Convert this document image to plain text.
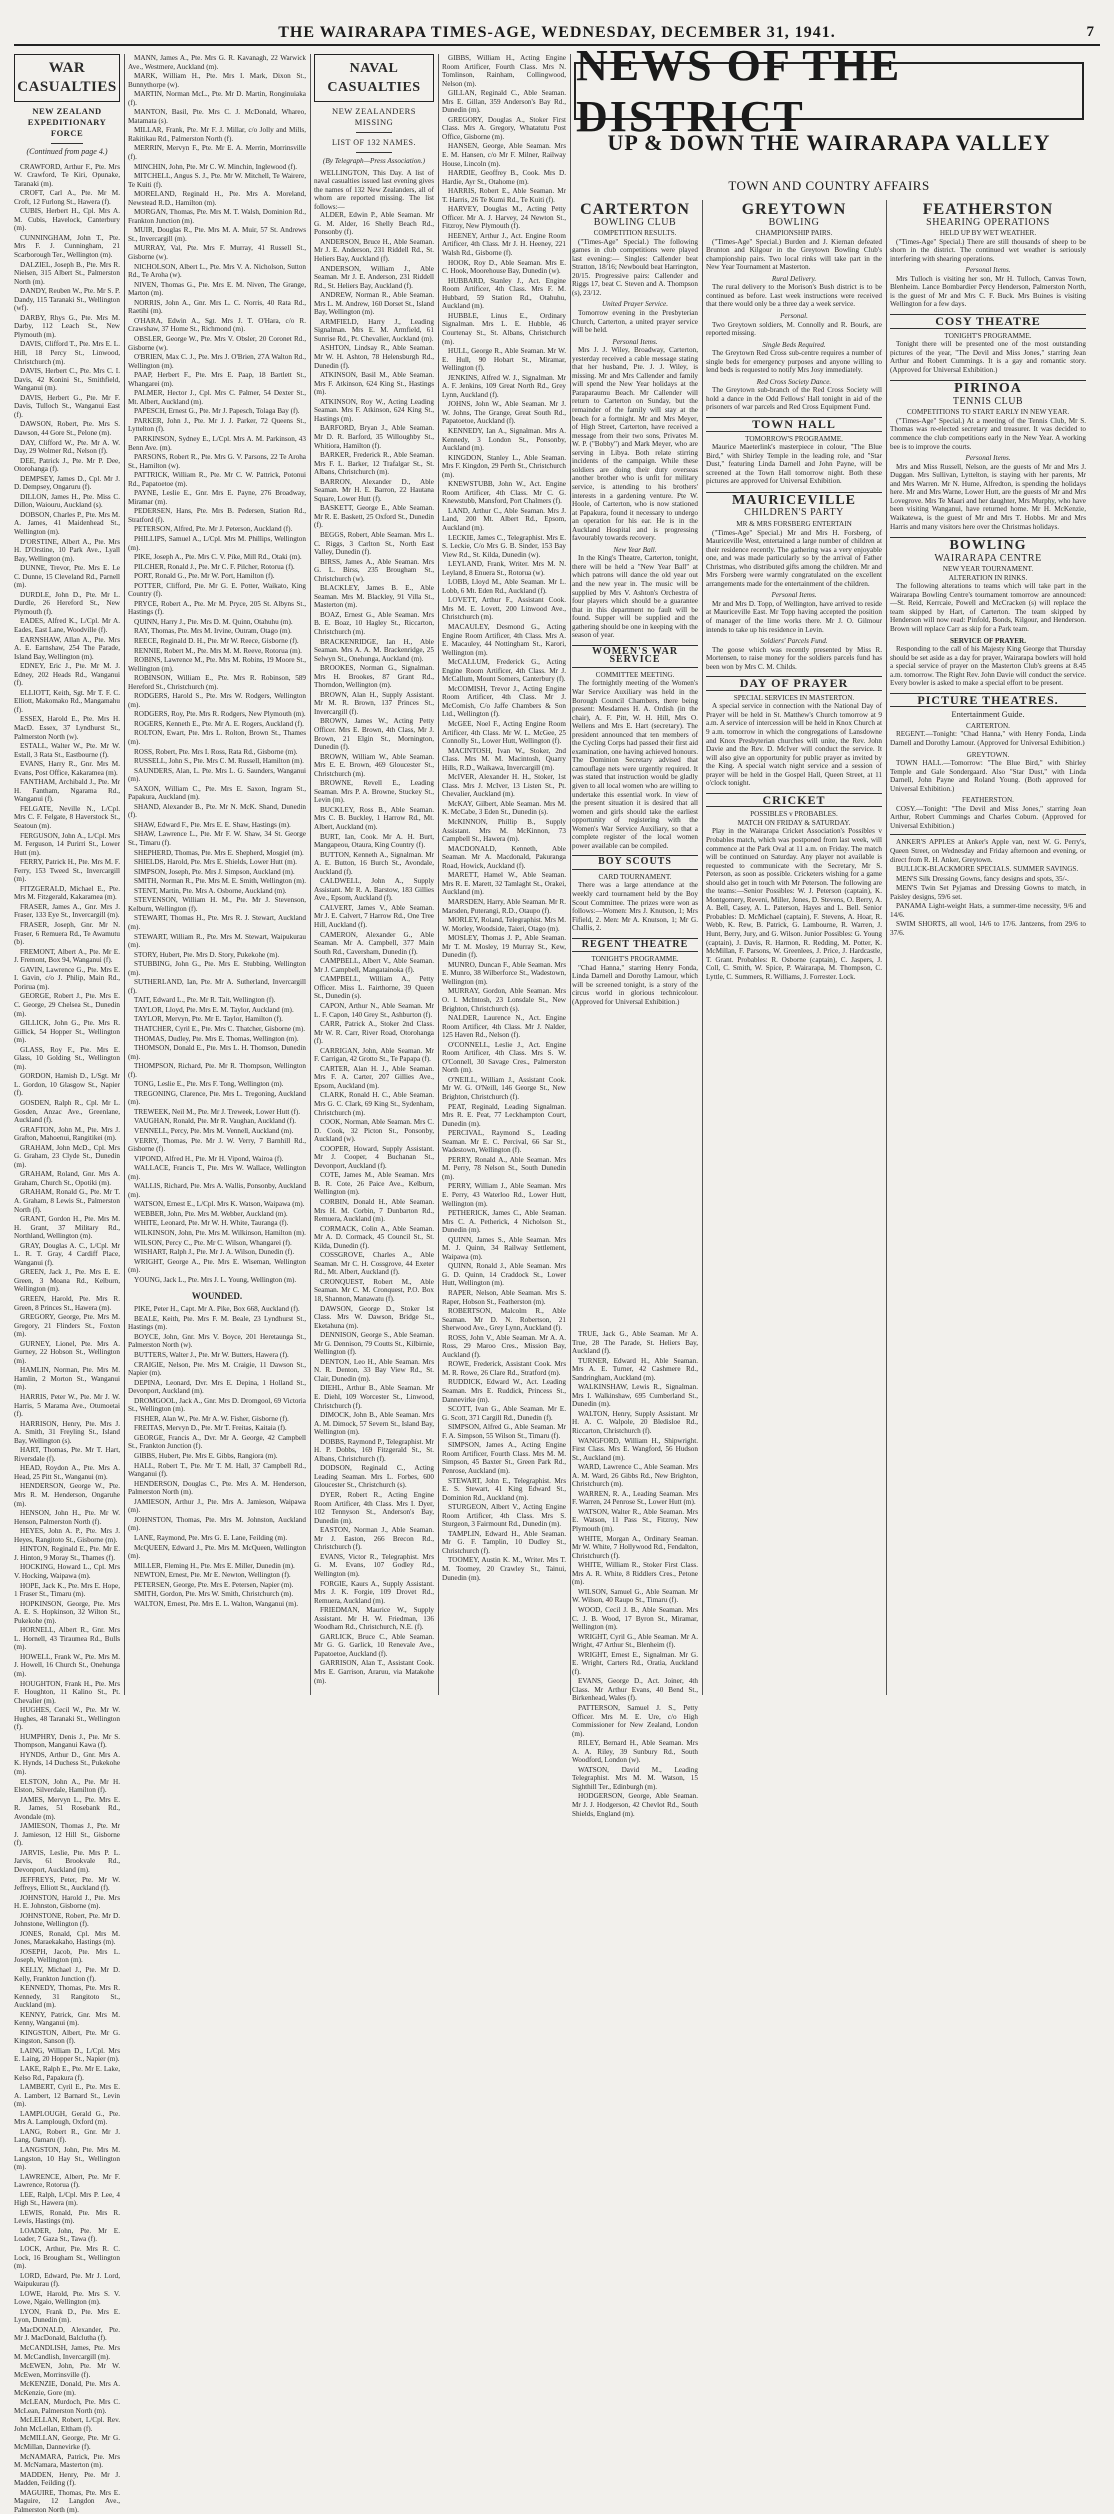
THE WAIRARAPA TIMES-AGE, WEDNESDAY, DECEMBER 31, 1941.	7
WAR CASUALTIES
NEW ZEALAND EXPEDITIONARY FORCE
(Continued from page 4.)
CRAWFORD, Arthur F., Pte. Mrs W. Crawford, Te Kiri, Opunake, Taranaki (m).
CROFT, Carl A., Pte. Mr M. Croft, 12 Furlong St., Hawera (f).
CUBIS, Herbert H., Cpl. Mrs A. M. Cubis, Havelock, Canterbury (m).
CUNNINGHAM, John T., Pte. Mrs F. J. Cunningham, 21 Scarborough Ter., Wellington (m).
DALZIEL, Joseph B., Pte. Mrs R. Nielsen, 315 Albert St., Palmerston North (m).
DANDY, Reuben W., Pte. Mr S. P. Dandy, 115 Taranaki St., Wellington (wf).
DARBY, Rhys G., Pte. Mrs M. Darby, 112 Leach St., New Plymouth (m).
DAVIS, Clifford T., Pte. Mrs E. L. Hill, 18 Percy St., Linwood, Christchurch (m).
DAVIS, Herbert C., Pte. Mrs C. I. Davis, 42 Konini St., Smithfield, Wanganui (m).
DAVIS, Herbert G., Pte. Mr F. Davis, Tulloch St., Wanganui East (f).
DAWSON, Robert, Pte. Mrs S. Dawson, 44 Gore St., Pelone (m).
DAY, Clifford W., Pte. Mr A. W. Day, 29 Wolmer Rd., Nelson (f).
DEE, Patrick J., Pte. Mr P. Dee, Otorohanga (f).
DEMPSEY, James D., Cpl. Mr J. D. Dempsey, Ongaruru (f).
DILLON, James H., Pte. Miss C. Dillon, Waiouru, Auckland (s).
DOBSON, Charles P., Pte. Mrs M. A. James, 41 Maidenhead St., Wellington (m).
D'ORSTINE, Albert A., Pte. Mrs H. D'Orstine, 10 Park Ave., Lyall Bay, Wellington (m).
DUNNE, Trevor, Pte. Mrs E. Le C. Dunne, 15 Cleveland Rd., Parnell (m).
DURDLE, John D., Pte. Mr L. Durdle, 26 Hereford St., New Plymouth (f).
EADES, Alfred K., L/Cpl. Mr A. Eades, East Lane, Woodville (f).
EARNSHAW, Allan A., Pte. Mrs A. E. Earnshaw, 254 The Parade, Island Bay, Wellington (m).
EDNEY, Eric J., Pte. Mr M. J. Edney, 202 Heads Rd., Wanganui (f).
ELLIOTT, Keith, Sgt. Mr T. F. C. Elliott, Makomako Rd., Mangamahu (f).
ESSEX, Harold E., Pte. Mrs H. MacD. Essex, 37 Lyndhurst St., Palmerston North (w).
ESTALL, Walter W., Pte. Mr W. Estall, 3 Rata St., Eastbourne (f).
EVANS, Harry R., Gnr. Mrs M. Evans, Post Office, Kakaramea (m).
FANTHAM, Archibald J., Pte. Mr H. Fantham, Ngarama Rd., Wanganui (f).
FELGATE, Neville N., L/Cpl. Mrs C. F. Felgate, 8 Haverstock St., Seatoun (m).
FERGUSON, John A., L/Cpl. Mrs M. Ferguson, 14 Purirri St., Lower Hutt (m).
FERRY, Patrick H., Pte. Mrs M. F. Ferry, 153 Tweed St., Invercargill (m).
FITZGERALD, Michael E., Pte. Mrs M. Fitzgerald, Kakaramea (m).
FRASER, James A., Gnr. Mrs J. Fraser, 133 Eye St., Invercargill (m).
FRASER, Joseph, Gnr. Mr N. Fraser, 6 Remuera Rd., Te Awamutu (b).
FREMONT, Albert A., Pte. Mr E. J. Fremont, Box 94, Wanganui (f).
GAVIN, Lawrence G., Pte. Mrs E. I. Gavin, c/o J. Philip, Main Rd., Porirua (m).
GEORGE, Robert J., Pte. Mrs E. C. George, 29 Chelsea St., Dunedin (m).
GILLICK, John G., Pte. Mrs R. Gillick, 54 Hopper St., Wellington (m).
GLASS, Roy F., Pte. Mrs E. Glass, 10 Golding St., Wellington (m).
GORDON, Hamish D., L/Sgt. Mr L. Gordon, 10 Glasgow St., Napier (f).
GOSDEN, Ralph R., Cpl. Mr L. Gosden, Anzac Ave., Greenlane, Auckland (f).
GRAFTON, John M., Pte. Mrs J. Grafton, Mahoenui, Rangitikei (m).
GRAHAM, John McD., Cpl. Mrs G. Graham, 23 Clyde St., Dunedin (m).
GRAHAM, Roland, Gnr. Mrs A. Graham, Church St., Opotiki (m).
GRAHAM, Ronald G., Pte. Mr T. A. Graham, 8 Lewis St., Palmerston North (f).
GRANT, Gordon H., Pte. Mrs M. H. Grant, 37 Military Rd., Northland, Wellington (m).
GRAY, Douglas A. C., L/Cpl. Mr L. R. T. Gray, 4 Cardiff Place, Wanganui (f).
GREEN, Jack J., Pte. Mrs E. E. Green, 3 Moana Rd., Kelburn, Wellington (m).
GREEN, Harold, Pte. Mrs R. Green, 8 Princes St., Hawera (m).
GREGORY, George, Pte. Mrs M. Gregory, 21 Flinders St., Foxton (m).
GURNEY, Lionel, Pte. Mrs A. Gurney, 22 Hobson St., Wellington (m).
HAMLIN, Norman, Pte. Mrs M. Hamlin, 2 Morton St., Wanganui (m).
HARRIS, Peter W., Pte. Mr J. W. Harris, 5 Marama Ave., Otumoetai (f).
HARRISON, Henry, Pte. Mrs J. A. Smith, 31 Freyling St., Island Bay, Wellington (s).
HART, Thomas, Pte. Mr T. Hart, Riversdale (f).
HEAD, Roydon A., Pte. Mrs A. Head, 25 Pitt St., Wanganui (m).
HENDERSON, George W., Pte. Mrs R. M. Henderson, Ongaruhe (m).
HENSON, John H., Pte. Mr W. Henson, Palmerston North (f).
HEYES, John A. P., Pte. Mrs J. Heyes, Rangitoto St., Gisborne (m).
HINTON, Reginald E., Pte. Mr E. J. Hinton, 9 Moray St., Thames (f).
HOCKING, Howard L., Cpl. Mrs V. Hocking, Waipawa (m).
HOPE, Jack K., Pte. Mrs E. Hope, 1 Fraser St., Timaru (m).
HOPKINSON, George, Pte. Mrs A. E. S. Hopkinson, 32 Wilton St., Pukekohe (m).
HORNELL, Albert R., Gnr. Mrs L. Hornell, 43 Tiraumea Rd., Bulls (m).
HOWELL, Frank W., Pte. Mrs M. J. Howell, 16 Church St., Onehunga (m).
HOUGHTON, Frank H., Pte. Mrs F. Houghton, 11 Kalino St., Pt. Chevalier (m).
HUGHES, Cecil W., Pte. Mr W. Hughes, 48 Taranaki St., Wellington (f).
HUMPHRY, Denis J., Pte. Mr S. Thompson, Manganui Kawa (f).
HYNDS, Arthur D., Gnr. Mrs A. K. Hynds, 14 Duchess St., Pukekohe (m).
ELSTON, John A., Pte. Mr H. Elston, Silverdale, Hamilton (f).
JAMES, Mervyn L., Pte. Mrs E. R. James, 51 Rosebank Rd., Avondale (m).
JAMIESON, Thomas J., Pte. Mr J. Jamieson, 12 Hill St., Gisborne (f).
JARVIS, Leslie, Pte. Mrs P. L. Jarvis, 61 Brookvale Rd., Devonport, Auckland (m).
JEFFREYS, Peter, Pte. Mr W. Jeffreys, Elliott St., Auckland (f).
JOHNSTON, Harold J., Pte. Mrs H. E. Johnston, Gisborne (m).
JOHNSTONE, Robert, Pte. Mr D. Johnstone, Wellington (f).
JONES, Ronald, Cpl. Mrs M. Jones, Maraekakaho, Hastings (m).
JOSEPH, Jacob, Pte. Mrs L. Joseph, Wellington (m).
KELLY, Michael J., Pte. Mr D. Kelly, Frankton Junction (f).
KENNEDY, Thomas, Pte. Mrs R. Kennedy, 31 Rangitoto St., Auckland (m).
KENNY, Patrick, Gnr. Mrs M. Kenny, Wanganui (m).
KINGSTON, Albert, Pte. Mr G. Kingston, Sanson (f).
LAING, William D., L/Cpl. Mrs E. Laing, 20 Hopper St., Napier (m).
LAKE, Ralph E., Pte. Mr E. Lake, Kelso Rd., Papakura (f).
LAMBERT, Cyril E., Pte. Mrs E. A. Lambert, 12 Barnard St., Levin (m).
LAMPLOUGH, Gerald G., Pte. Mrs A. Lamplough, Oxford (m).
LANG, Robert R., Gnr. Mr J. Lang, Oamaru (f).
LANGSTON, John, Pte. Mrs M. Langston, 10 Hay St., Wellington (m).
LAWRENCE, Albert, Pte. Mr F. Lawrence, Rotorua (f).
LEE, Ralph, L/Cpl. Mrs P. Lee, 4 High St., Hawera (m).
LEWIS, Ronald, Pte. Mrs R. Lewis, Hastings (m).
LOADER, John, Pte. Mr E. Loader, 7 Gaza St., Tawa (f).
LOCK, Arthur, Pte. Mrs R. C. Lock, 16 Brougham St., Wellington (m).
LORD, Edward, Pte. Mr J. Lord, Waipukurau (f).
LOWE, Harold, Pte. Mrs S. V. Lowe, Ngaio, Wellington (m).
LYON, Frank D., Pte. Mrs E. Lyon, Dunedin (m).
MacDONALD, Alexander, Pte. Mr J. MacDonald, Balclutha (f).
McCANDLISH, James, Pte. Mrs M. McCandlish, Invercargill (m).
McEWEN, John, Pte. Mr W. McEwen, Morrinsville (f).
McKENZIE, Donald, Pte. Mrs A. McKenzie, Gore (m).
McLEAN, Murdoch, Pte. Mrs C. McLean, Palmerston North (m).
McLELLAN, Robert, L/Cpl. Rev. John McLellan, Eltham (f).
McMILLAN, George, Pte. Mr G. McMillan, Dannevirke (f).
McNAMARA, Patrick, Pte. Mrs M. McNamara, Masterton (m).
MADDEN, Henry, Pte. Mr J. Madden, Feilding (f).
MAGUIRE, Thomas, Pte. Mrs E. Maguire, 12 Langdon Ave., Palmerston North (m).
MANN, James A., Pte. Mrs G. R. Kavanagh, 22 Warwick Ave., Westmere, Auckland (m).
MARK, William H., Pte. Mrs I. Mark, Dixon St., Bunnythorpe (w).
MARTIN, Norman McL., Pte. Mr D. Martin, Ronginuiaka (f).
MANTON, Basil, Pte. Mrs C. J. McDonald, Whareo, Matamata (s).
MILLAR, Frank, Pte. Mr F. J. Millar, c/o Jolly and Mills, Rakitikau Rd., Palmerston North (f).
MERRIN, Mervyn F., Pte. Mr E. A. Merrin, Morrinsville (f).
MINCHIN, John, Pte. Mr C. W. Minchin, Inglewood (f).
MITCHELL, Angus S. J., Pte. Mr W. Mitchell, Te Wairere, Te Kuiti (f).
MORELAND, Reginald H., Pte. Mrs A. Moreland, Newstead R.D., Hamilton (m).
MORGAN, Thomas, Pte. Mrs M. T. Walsh, Dominion Rd., Frankton Junction (m).
MUIR, Douglas R., Pte. Mrs M. A. Muir, 57 St. Andrews St., Invercargill (m).
MURRAY, Val, Pte. Mrs F. Murray, 41 Russell St., Gisborne (w).
NICHOLSON, Albert L., Pte. Mrs V. A. Nicholson, Sutton Rd., Te Aroha (w).
NIVEN, Thomas G., Pte. Mrs E. M. Niven, The Grange, Marton (m).
NORRIS, John A., Gnr. Mrs L. C. Norris, 40 Rata Rd., Raetihi (m).
O'HARA, Edwin A., Sgt. Mrs J. T. O'Hara, c/o R. Crawshaw, 37 Home St., Richmond (m).
OBSLER, George W., Pte. Mrs V. Obsler, 20 Coronet Rd., Gisborne (w).
O'BRIEN, Max C. J., Pte. Mrs J. O'Brien, 27A Walton Rd., Wellington (m).
PAAP, Herbert F., Pte. Mrs E. Paap, 18 Bartlett St., Whangarei (m).
PALMER, Hector J., Cpl. Mrs C. Palmer, 54 Dexter St., Mt. Albert, Auckland (m).
PAPESCH, Ernest G., Pte. Mr J. Papesch, Tolaga Bay (f).
PARKER, John J., Pte. Mr J. J. Parker, 72 Queens St., Lyttelton (f).
PARKINSON, Sydney E., L/Cpl. Mrs A. M. Parkinson, 43 Benn Ave. (m).
PARSONS, Robert R., Pte. Mrs G. V. Parsons, 22 Te Aroha St., Hamilton (w).
PATTRICK, William R., Pte. Mr C. W. Pattrick, Potonui Rd., Papatoetoe (m).
PAYNE, Leslie E., Gnr. Mrs E. Payne, 276 Broadway, Miramar (m).
PEDERSEN, Hans, Pte. Mrs B. Pedersen, Station Rd., Stratford (f).
PETERSON, Alfred, Pte. Mr J. Peterson, Auckland (f).
PHILLIPS, Samuel A., L/Cpl. Mrs M. Phillips, Wellington (m).
PIKE, Joseph A., Pte. Mrs C. V. Pike, Mill Rd., Otaki (m).
PILCHER, Ronald J., Pte. Mr C. F. Pilcher, Rotorua (f).
PORT, Ronald G., Pte. Mr W. Port, Hamilton (f).
POTTER, Clifford, Pte. Mr G. E. Potter, Waikato, King Country (f).
PRYCE, Robert A., Pte. Mr M. Pryce, 205 St. Albyns St., Hastings (f).
QUINN, Harry J., Pte. Mrs D. M. Quinn, Otahuhu (m).
RAY, Thomas, Pte. Mrs M. Irvine, Outram, Otago (m).
REECE, Reginald D. H., Pte. Mr W. Reece, Gisborne (f).
RENNIE, Robert M., Pte. Mrs M. M. Reeve, Rotorua (m).
ROBINS, Lawrence M., Pte. Mrs M. Robins, 19 Moore St., Wellington (m).
ROBINSON, William E., Pte. Mrs R. Robinson, 589 Hereford St., Christchurch (m).
RODGERS, Harold S., Pte. Mrs W. Rodgers, Wellington (m).
RODGERS, Roy, Pte. Mrs R. Rodgers, New Plymouth (m).
ROGERS, Kenneth E., Pte. Mr A. E. Rogers, Auckland (f).
ROLTON, Ewart, Pte. Mrs L. Rolton, Brown St., Thames (m).
ROSS, Robert, Pte. Mrs I. Ross, Rata Rd., Gisborne (m).
RUSSELL, John S., Pte. Mrs C. M. Russell, Hamilton (m).
SAUNDERS, Alan, L. Pte. Mrs L. G. Saunders, Wanganui (m).
SAXON, William C., Pte. Mrs E. Saxon, Ingram St., Papakura, Auckland (m).
SHAND, Alexander B., Pte. Mr N. McK. Shand, Dunedin (f).
SHAW, Edward F., Pte. Mrs E. E. Shaw, Hastings (m).
SHAW, Lawrence L., Pte. Mr F. W. Shaw, 34 St. George St., Timaru (f).
SHEPHERD, Thomas, Pte. Mrs E. Shepherd, Mosgiel (m).
SHIELDS, Harold, Pte. Mrs E. Shields, Lower Hutt (m).
SIMPSON, Joseph, Pte. Mrs J. Simpson, Auckland (m).
SMITH, Norman R., Pte. Mrs M. E. Smith, Wellington (m).
STENT, Martin, Pte. Mrs A. Osborne, Auckland (m).
STEVENSON, William H. M., Pte. Mr J. Stevenson, Kelburn, Wellington (f).
STEWART, Thomas H., Pte. Mrs R. J. Stewart, Auckland (m).
STEWART, William R., Pte. Mrs M. Stewart, Waipukurau (m).
STORY, Hubert, Pte. Mrs D. Story, Pukekohe (m).
STUBBING, John G., Pte. Mrs E. Stubbing, Wellington (m).
SUTHERLAND, Ian, Pte. Mr A. Sutherland, Invercargill (f).
TAIT, Edward L., Pte. Mr R. Tait, Wellington (f).
TAYLOR, Lloyd, Pte. Mrs E. M. Taylor, Auckland (m).
TAYLOR, Mervyn, Pte. Mr E. Taylor, Hamilton (f).
THATCHER, Cyril E., Pte. Mrs C. Thatcher, Gisborne (m).
THOMAS, Dudley, Pte. Mrs E. Thomas, Wellington (m).
THOMSON, Donald E., Pte. Mrs L. H. Thomson, Dunedin (m).
THOMPSON, Richard, Pte. Mr R. Thompson, Wellington (f).
TONG, Leslie E., Pte. Mrs F. Tong, Wellington (m).
TREGONING, Clarence, Pte. Mrs L. Tregoning, Auckland (m).
TREWEEK, Neil M., Pte. Mr J. Treweek, Lower Hutt (f).
VAUGHAN, Ronald, Pte. Mr R. Vaughan, Auckland (f).
VENNELL, Percy, Pte. Mrs M. Vennell, Auckland (m).
VERRY, Thomas, Pte. Mr J. W. Verry, 7 Barnhill Rd., Gisborne (f).
VIPOND, Alfred H., Pte. Mr H. Vipond, Wairoa (f).
WALLACE, Francis T., Pte. Mrs W. Wallace, Wellington (m).
WALLIS, Richard, Pte. Mrs A. Wallis, Ponsonby, Auckland (m).
WATSON, Ernest E., L/Cpl. Mrs K. Watson, Waipawa (m).
WEBBER, John, Pte. Mrs M. Webber, Auckland (m).
WHITE, Leonard, Pte. Mr W. H. White, Tauranga (f).
WILKINSON, John, Pte. Mrs M. Wilkinson, Hamilton (m).
WILSON, Percy C., Pte. Mr C. Wilson, Whangarei (f).
WISHART, Ralph J., Pte. Mr J. A. Wilson, Dunedin (f).
WRIGHT, George A., Pte. Mrs E. Wiseman, Wellington (m).
YOUNG, Jack L., Pte. Mrs J. L. Young, Wellington (m).
WOUNDED.
PIKE, Peter H., Capt. Mr A. Pike, Box 668, Auckland (f).
BEALE, Keith, Pte. Mrs F. M. Beale, 23 Lyndhurst St., Hastings (m).
BOYCE, John, Gnr. Mrs V. Boyce, 201 Heretaunga St., Palmerston North (w).
BUTTERS, Walter J., Pte. Mr W. Butters, Hawera (f).
CRAIGIE, Nelson, Pte. Mrs M. Craigie, 11 Dawson St., Napier (m).
DEPINA, Leonard, Dvr. Mrs E. Depina, 1 Holland St., Devonport, Auckland (m).
DROMGOOL, Jack A., Gnr. Mrs D. Dromgool, 69 Victoria St., Wellington (m).
FISHER, Alan W., Pte. Mr A. W. Fisher, Gisborne (f).
FREITAS, Mervyn D., Pte. Mr T. Freitas, Kaitaia (f).
GEORGE, Francis A., Dvr. Mr A. George, 42 Campbell St., Frankton Junction (f).
GIBBS, Hubert, Pte. Mrs E. Gibbs, Rangiora (m).
HALL, Robert T., Pte. Mr T. M. Hall, 37 Campbell Rd., Wanganui (f).
HENDERSON, Douglas C., Pte. Mrs A. M. Henderson, Palmerston North (m).
JAMIESON, Arthur J., Pte. Mrs A. Jamieson, Waipawa (m).
JOHNSTON, Thomas, Pte. Mrs M. Johnston, Auckland (m).
LANE, Raymond, Pte. Mrs G. E. Lane, Feilding (m).
McQUEEN, Edward J., Pte. Mrs M. McQueen, Wellington (m).
MILLER, Fleming H., Pte. Mrs E. Miller, Dunedin (m).
NEWTON, Ernest, Pte. Mr E. Newton, Wellington (f).
PETERSEN, George, Pte. Mrs E. Petersen, Napier (m).
SMITH, Gordon, Pte. Mrs W. Smith, Christchurch (m).
WALTON, Ernest, Pte. Mrs E. L. Walton, Wanganui (m).
NAVAL CASUALTIES
NEW ZEALANDERS MISSING
LIST OF 132 NAMES.
(By Telegraph—Press Association.)
WELLINGTON, This Day. A list of naval casualties issued last evening gives the names of 132 New Zealanders, all of whom are reported missing. The list follows:—
ALDER, Edwin P., Able Seaman. Mr G. M. Alder, 16 Shelly Beach Rd., Ponsonby (f).
ANDERSON, Bruce H., Able Seaman. Mr J. E. Anderson, 231 Riddell Rd., St. Heliers Bay, Auckland (f).
ANDERSON, William J., Able Seaman. Mr J. E. Anderson, 231 Riddell Rd., St. Heliers Bay, Auckland (f).
ANDREW, Norman R., Able Seaman. Mrs L. M. Andrew, 160 Dorset St., Island Bay, Wellington (m).
ARMFIELD, Harry J., Leading Signalman. Mrs E. M. Armfield, 61 Sunrise Rd., Pt. Chevalier, Auckland (m).
ASHTON, Lindsay R., Able Seaman. Mr W. H. Ashton, 78 Helensburgh Rd., Dunedin (f).
ATKINSON, Basil M., Able Seaman. Mrs F. Atkinson, 624 King St., Hastings (m).
ATKINSON, Roy W., Acting Leading Seaman. Mrs F. Atkinson, 624 King St., Hastings (m).
BARFORD, Bryan J., Able Seaman. Mr D. R. Barford, 35 Willoughby St., Whitiora, Hamilton (f).
BARKER, Frederick R., Able Seaman. Mrs F. L. Barker, 12 Trafalgar St., St. Albans, Christchurch (m).
BARRON, Alexander D., Able Seaman. Mr H. E. Barron, 22 Hautana Square, Lower Hutt (f).
BASKETT, George E., Able Seaman. Mr R. E. Baskett, 25 Oxford St., Dunedin (f).
BEGGS, Robert, Able Seaman. Mrs L. C. Riggs, 3 Carlton St., North East Valley, Dunedin (f).
BIRSS, James A., Able Seaman. Mrs G. L. Birss, 235 Brougham St., Christchurch (w).
BLACKLEY, James B. E., Able Seaman. Mrs M. Blackley, 91 Villa St., Masterton (m).
BOAZ, Ernest G., Able Seaman. Mrs B. E. Boaz, 10 Hagley St., Riccarton, Christchurch (m).
BRACKENRIDGE, Ian H., Able Seaman. Mrs A. A. M. Brackenridge, 25 Selwyn St., Onehunga, Auckland (m).
BROOKES, Norman G., Signalman. Mrs H. Brookes, 87 Grant Rd., Thorndon, Wellington (m).
BROWN, Alan H., Supply Assistant. Mr M. R. Brown, 137 Princes St., Invercargill (f).
BROWN, James W., Acting Petty Officer. Mrs E. Brown, 4th Class, Mr J. Brown, 21 Elgin St., Mornington, Dunedin (f).
BROWN, William W., Able Seaman. Mrs E. E. Brown, 469 Gloucester St., Christchurch (m).
BROWNE, Revell E., Leading Seaman. Mrs P. A. Browne, Stuckey St., Levin (m).
BUCKLEY, Ross B., Able Seaman. Mrs C. B. Buckley, 1 Harrow Rd., Mt. Albert, Auckland (m).
BURT, Ian, Cook. Mr A. H. Burt, Mangapeou, Otaura, King Country (f).
BUTTON, Kenneth A., Signalman. Mr A. E. Button, 16 Burch St., Avondale, Auckland (f).
CALDWELL, John A., Supply Assistant. Mr R. A. Barstow, 183 Gillies Ave., Epsom, Auckland (f).
CALVERT, James V., Able Seaman. Mr J. E. Calvert, 7 Harrow Rd., One Tree Hill, Auckland (f).
CAMERON, Alexander G., Able Seaman. Mr A. Campbell, 377 Main South Rd., Caversham, Dunedin (f).
CAMPBELL, Albert V., Able Seaman. Mr J. Campbell, Mangatainoka (f).
CAMPBELL, William A., Petty Officer. Miss L. Fairthorne, 39 Queen St., Dunedin (s).
CAPON, Arthur N., Able Seaman. Mr L. F. Capon, 140 Grey St., Ashburton (f).
CARR, Patrick A., Stoker 2nd Class. Mr W. R. Carr, River Road, Otorohanga (f).
CARRIGAN, John, Able Seaman. Mr F. Carrigan, 42 Grotto St., Te Papapa (f).
CARTER, Alan H. J., Able Seaman. Mrs F. A. Carter, 207 Gillies Ave., Epsom, Auckland (m).
CLARK, Ronald H. C., Able Seaman. Mrs G. C. Clark, 69 King St., Sydenham, Christchurch (m).
COOK, Norman, Able Seaman. Mrs C. D. Cook, 32 Picton St., Ponsonby, Auckland (w).
COOPER, Howard, Supply Assistant. Mr J. Cooper, 4 Buchanan St., Devonport, Auckland (f).
COTE, James M., Able Seaman. Mrs B. R. Cote, 26 Paice Ave., Kelburn, Wellington (m).
CORBIN, Donald H., Able Seaman. Mrs H. M. Corbin, 7 Dunbarton Rd., Remuera, Auckland (m).
CORMACK, Colin A., Able Seaman. Mr A. D. Cormack, 45 Council St., St. Kilda, Dunedin (f).
COSSGROVE, Charles A., Able Seaman. Mr C. H. Cossgrove, 44 Exeter Rd., Mt. Albert, Auckland (f).
CRONQUEST, Robert M., Able Seaman. Mr C. M. Cronquest, P.O. Box 18, Shannon, Manawatu (f).
DAWSON, George D., Stoker 1st Class. Mrs W. Dawson, Bridge St., Eketahuna (m).
DENNISON, George S., Able Seaman. Mr G. Dennison, 79 Coutts St., Kilbirnie, Wellington (f).
DENTON, Leo H., Able Seaman. Mrs N. R. Denton, 33 Bay View Rd., St. Clair, Dunedin (m).
DIEHL, Arthur B., Able Seaman. Mr E. Diehl, 109 Worcester St., Linwood, Christchurch (f).
DIMOCK, John B., Able Seaman. Mrs A. M. Dimock, 57 Severn St., Island Bay, Wellington (m).
DOBBS, Raymond P., Telegraphist. Mr H. P. Dobbs, 169 Fitzgerald St., St. Albans, Christchurch (f).
DODSON, Reginald C., Acting Leading Seaman. Mrs L. Forbes, 600 Gloucester St., Christchurch (s).
DYER, Robert R., Acting Engine Room Artificer, 4th Class. Mrs I. Dyer, 102 Tennyson St., Anderson's Bay, Dunedin (m).
EASTON, Norman J., Able Seaman. Mr J. Easton, 266 Brecon Rd., Christchurch (f).
EVANS, Victor R., Telegraphist. Mrs G. M. Evans, 107 Godley Rd., Wellington (m).
FORGIE, Kaurs A., Supply Assistant. Mrs J. K. Forgie, 109 Drovet Rd., Remuera, Auckland (m).
FRIEDMAN, Maurice W., Supply Assistant. Mr H. W. Friedman, 136 Woodham Rd., Christchurch, N.E. (f).
GARLICK, Bruce C., Able Seaman. Mr G. G. Garlick, 10 Renevale Ave., Papatoetoe, Auckland (f).
GARRISON, Alan T., Assistant Cook. Mrs E. Garrison, Araruu, via Matakohe (m).
GIBBS, William H., Acting Engine Room Artificer, Fourth Class. Mrs N. Tomlinson, Rainham, Collingwood, Nelson (m).
GILLAN, Reginald C., Able Seaman. Mrs E. Gillan, 359 Anderson's Bay Rd., Dunedin (m).
GREGORY, Douglas A., Stoker First Class. Mrs A. Gregory, Whatatutu Post Office, Gisborne (m).
HANSEN, George, Able Seaman. Mrs E. M. Hansen, c/o Mr F. Milner, Railway House, Lincoln (m).
HARDIE, Geoffrey B., Cook. Mrs D. Hardie, Ayr St., Otahome (m).
HARRIS, Robert E., Able Seaman. Mr T. Harris, 26 Te Kumi Rd., Te Kuiti (f).
HARVEY, Douglas M., Acting Petty Officer. Mr A. J. Harvey, 24 Newton St., Fitzroy, New Plymouth (f).
HEENEY, Arthur J., Act. Engine Room Artificer, 4th Class. Mr J. H. Heeney, 221 Walsh Rd., Gisborne (f).
HOOK, Roy D., Able Seaman. Mrs E. C. Hook, Moorehouse Bay, Dunedin (w).
HUBBARD, Stanley J., Act. Engine Room Artificer, 4th Class. Mrs F. M. Hubbard, 59 Station Rd., Otahuhu, Auckland (m).
HUBBLE, Linus E., Ordinary Signalman. Mrs L. E. Hubble, 46 Courtenay St., St. Albans, Christchurch (m).
HULL, George R., Able Seaman. Mr W. E. Hull, 90 Hobart St., Miramar, Wellington (f).
JENKINS, Alfred W. J., Signalman. Mr A. F. Jenkins, 109 Great North Rd., Grey Lynn, Auckland (f).
JOHNS, John W., Able Seaman. Mr J. W. Johns, The Grange, Great South Rd., Papatoetoe, Auckland (f).
KENNEDY, Ian A., Signalman. Mrs A. Kennedy, 3 London St., Ponsonby, Auckland (m).
KINGDON, Stanley L., Able Seaman. Mrs F. Kingdon, 29 Perth St., Christchurch (m).
KNEWSTUBB, John W., Act. Engine Room Artificer, 4th Class. Mr C. G. Knewstubb, Mansford, Port Chalmers (f).
LAND, Arthur C., Able Seaman. Mrs J. Land, 200 Mt. Albert Rd., Epsom, Auckland (m).
LECKIE, James C., Telegraphist. Mrs E. S. Leckie, C/o Mrs G. B. Sinder, 153 Bay View Rd., St. Kilda, Dunedin (w).
LEYLAND, Frank, Writer. Mrs M. N. Leyland, 8 Enuera St., Rotorua (w).
LOBB, Lloyd M., Able Seaman. Mr L. Lobb, 6 Mt. Eden Rd., Auckland (f).
LOVETT, Arthur F., Assistant Cook. Mrs M. E. Lovett, 200 Linwood Ave., Christchurch (m).
MACAULEY, Desmond G., Acting Engine Room Artificer, 4th Class. Mrs A. E. Macauley, 44 Nottingham St., Karori, Wellington (m).
McCALLUM, Frederick G., Acting Engine Room Artificer, 4th Class. Mr J. McCallum, Mount Somers, Canterbury (f).
McCOMISH, Trevor J., Acting Engine Room Artificer, 4th Class. Mr J. McComish, C/o Jaffe Chambers & Son Ltd., Wellington (f).
McGEE, Noel F., Acting Engine Room Artificer, 4th Class. Mr W. L. McGee, 25 Connolly St., Lower Hutt, Wellington (f).
MACINTOSH, Ivan W., Stoker, 2nd Class. Mrs M. M. Macintosh, Quarry Hills, R.D., Waikawa, Invercargill (m).
McIVER, Alexander H. H., Stoker, 1st Class. Mrs J. McIver, 13 Listen St., Pt. Chevalier, Auckland (m).
McKAY, Gilbert, Able Seaman. Mrs M. K. McCabe, 3 Eden St., Dunedin (s).
McKINNON, Phillip B., Supply Assistant. Mrs M. McKinnon, 73 Campbell St., Hawera (m).
MACDONALD, Kenneth, Able Seaman. Mr A. Macdonald, Pakuranga Road, Howick, Auckland (f).
MARETT, Hamel W., Able Seaman. Mrs R. E. Marett, 32 Tamlaght St., Orakei, Auckland (m).
MARSDEN, Harry, Able Seaman. Mr R. Marsden, Puterangi, R.D., Otaupo (f).
MORLEY, Roland, Telegraphist. Mrs M. W. Morley, Woodside, Taieri, Otago (m).
MOSLEY, Thomas J. P., Able Seaman. Mr T. M. Mosley, 19 Murray St., Kew, Dunedin (f).
MUNRO, Duncan F., Able Seaman. Mrs E. Munro, 38 Wilberforce St., Wadestown, Wellington (m).
MURRAY, Gordon, Able Seaman. Mrs O. I. McIntosh, 23 Lonsdale St., New Brighton, Christchurch (s).
NALDER, Laurence N., Act. Engine Room Artificer, 4th Class. Mr J. Nalder, 125 Haven Rd., Nelson (f).
O'CONNELL, Leslie J., Act. Engine Room Artificer, 4th Class. Mrs S. W. O'Connell, 30 Savage Cres., Palmerston North (m).
O'NEILL, William J., Assistant Cook. Mr W. G. O'Neill, 146 George St., New Brighton, Christchurch (f).
PEAT, Reginald, Leading Signalman. Mrs R. E. Peat, 77 Leckhampton Court, Dunedin (m).
PERCIVAL, Raymond S., Leading Seaman. Mr E. C. Percival, 66 Sar St., Wadestown, Wellington (f).
PERRY, Ronald A., Able Seaman. Mrs M. Perry, 78 Nelson St., South Dunedin (m).
PERRY, William J., Able Seaman. Mrs E. Perry, 43 Waterloo Rd., Lower Hutt, Wellington (m).
PETHERICK, James C., Able Seaman. Mrs C. A. Petherick, 4 Nicholson St., Dunedin (m).
QUINN, James S., Able Seaman. Mrs M. J. Quinn, 34 Railway Settlement, Waipawa (m).
QUINN, Ronald J., Able Seaman. Mrs G. D. Quinn, 14 Craddock St., Lower Hutt, Wellington (m).
RAPER, Nelson, Able Seaman. Mrs S. Raper, Hobson St., Featherston (m).
ROBERTSON, Malcolm R., Able Seaman. Mr D. N. Robertson, 21 Sherwood Ave., Grey Lynn, Auckland (f).
ROSS, John V., Able Seaman. Mr A. A. Ross, 29 Maroo Cres., Mission Bay, Auckland (f).
ROWE, Frederick, Assistant Cook. Mrs M. R. Rowe, 26 Clare Rd., Stratford (m).
RUDDICK, Edward W., Act. Leading Seaman. Mrs E. Ruddick, Princess St., Dannevirke (m).
SCOTT, Ivan G., Able Seaman. Mr E. G. Scott, 371 Cargill Rd., Dunedin (f).
SIMPSON, Alfred G., Able Seaman. Mr F. A. Simpson, 55 Wilson St., Timaru (f).
SIMPSON, James A., Acting Engine Room Artificer, Fourth Class. Mrs M. M. Simpson, 45 Baxter St., Green Park Rd., Penrose, Auckland (m).
STEWART, John E., Telegraphist. Mrs E. S. Stewart, 41 King Edward St., Dominion Rd., Auckland (m).
STURGEON, Albert V., Acting Engine Room Artificer, 4th Class. Mrs S. Sturgeon, 3 Fairmount Rd., Dunedin (m).
TAMPLIN, Edward H., Able Seaman. Mr G. F. Tamplin, 10 Dudley St., Christchurch (f).
TOOMEY, Austin K. M., Writer. Mrs T. M. Toomey, 20 Crawley St., Tainui, Dunedin (m).
NEWS OF THE DISTRICT
UP & DOWN THE WAIRARAPA VALLEY
TOWN AND COUNTRY AFFAIRS
TRUE, Jack G., Able Seaman. Mr A. True, 28 The Parade, St. Heliers Bay, Auckland (f).
TURNER, Edward H., Able Seaman. Mrs A. E. Turner, 42 Cashmere Rd., Sandringham, Auckland (m).
WALKINSHAW, Lewis R., Signalman. Mrs I. Walkinshaw, 695 Cumberland St., Dunedin (m).
WALTON, Henry, Supply Assistant. Mr H. A. C. Walpole, 20 Bledisloe Rd., Riccarton, Christchurch (f).
WANGFORD, William H., Shipwright. First Class. Mrs E. Wangford, 56 Hudson St., Auckland (m).
WARD, Lawrence C., Able Seaman. Mrs A. M. Ward, 26 Gibbs Rd., New Brighton, Christchurch (m).
WARREN, R. A., Leading Seaman. Mrs F. Warren, 24 Penrose St., Lower Hutt (m).
WATSON, Walter R., Able Seaman. Mrs E. Watson, 11 Pass St., Fitzroy, New Plymouth (m).
WHITE, Morgan A., Ordinary Seaman. Mr W. White, 7 Hollywood Rd., Fendalton, Christchurch (f).
WHITE, William R., Stoker First Class. Mrs A. R. White, 8 Riddlers Cres., Petone (m).
WILSON, Samuel G., Able Seaman. Mr W. Wilson, 40 Raupo St., Timaru (f).
WOOD, Cecil J. B., Able Seaman. Mrs C. J. B. Wood, 17 Byron St., Miramar, Wellington (m).
WRIGHT, Cyril G., Able Seaman. Mr A. Wright, 47 Arthur St., Blenheim (f).
WRIGHT, Ernest E., Signalman. Mr G. E. Wright, Carters Rd., Oratia, Auckland (f).
EVANS, George D., Act. Joiner, 4th Class. Mr Arthur Evans, 40 Bend St., Birkenhead, Wales (f).
PATTERSON, Samuel J. S., Petty Officer. Mrs M. E. Ure, c/o High Commissioner for New Zealand, London (m).
RILEY, Bernard H., Able Seaman. Mrs A. A. Riley, 39 Sunbury Rd., South Woodford, London (w).
WATSON, David M., Leading Telegraphist. Mrs M. M. Watson, 15 Sighthill Ter., Edinburgh (m).
HODGERSON, George, Able Seaman. Mr J. J. Hodgerson, 42 Chevlot Rd., South Shields, England (m).
CARTERTON
BOWLING CLUB
COMPETITION RESULTS.
("Times-Age" Special.) The following games in club competitions were played last evening:— Singles: Callender beat Stratton, 18/16; Newbould beat Harrington, 20/15. Progressive pairs: Callender and Riggs 17, beat C. Steven and A. Thompson (s), 23/12.
United Prayer Service.
Tomorrow evening in the Presbyterian Church, Carterton, a united prayer service will be held.
Personal Items.
Mrs J. J. Wiley, Broadway, Carterton, yesterday received a cable message stating that her husband, Pte. J. J. Wiley, is missing. Mr and Mrs Callender and family will spend the New Year holidays at the Paraparaumu Beach. Mr Callender will return to Carterton on Sunday, but the remainder of the family will stay at the beach for a fortnight. Mr and Mrs Meyer, of High Street, Carterton, have received a message from their two sons, Privates M. W. P. ("Bobby") and Mark Meyer, who are serving in Libya. Both relate stirring incidents of the campaign. While these soldiers are doing their duty overseas another brother who is unfit for military service, is attending to his brothers' interests in a gardening venture. Pte W. Hoole, of Carterton, who is now stationed at Papakura, found it necessary to undergo an operation for his ear. He is in the Auckland Hospital and is progressing favourably towards recovery.
New Year Ball.
In the King's Theatre, Carterton, tonight, there will be held a "New Year Ball" at which patrons will dance the old year out and the new year in. The music will be supplied by Mrs V. Ashton's Orchestra of four players which should be a guarantee that in this department no fault will be found. Supper will be supplied and the gathering should be one in keeping with the season of year.
WOMEN'S WAR SERVICE
COMMITTEE MEETING.
The fortnightly meeting of the Women's War Service Auxiliary was held in the Borough Council Chambers, there being present: Mesdames H. A. Ordish (in the chair), A. F. Pitt, W. H. Hill, Mrs O. Wellens and Mrs E. Hart (secretary). The president announced that ten members of the Cycling Corps had passed their first aid examination, one having achieved honours. The Dominion Secretary advised that camouflage nets were urgently required. It was stated that instruction would be gladly given to all local women who are willing to undertake this essential work. In view of the present situation it is desired that all women and girls should take the earliest opportunity of registering with the Women's War Service Auxiliary, so that a complete register of the local women power available can be compiled.
BOY SCOUTS
CARD TOURNAMENT.
There was a large attendance at the weekly card tournament held by the Boy Scout Committee. The prizes were won as follows:—Women: Mrs J. Knutson, 1; Mrs Fifield, 2. Men: Mr A. Knutson, 1; Mr G. Challis, 2.
REGENT THEATRE
TONIGHT'S PROGRAMME.
"Chad Hanna," starring Henry Fonda, Linda Darnell and Dorothy Lamour, which will be screened tonight, is a story of the circus world in glorious technicolour. (Approved for Universal Exhibition.)
GREYTOWN
BOWLING
CHAMPIONSHIP PAIRS.
("Times-Age" Special.) Burden and J. Kiernan defeated Brunton and Kilgour in the Greytown Bowling Club's championship pairs. Two local rinks will take part in the New Year Tournament at Masterton.
Rural Delivery.
The rural delivery to the Morison's Bush district is to be continued as before. Last week instructions were received that there would only be a three day a week service.
Personal.
Two Greytown soldiers, M. Connolly and R. Bourk, are reported missing.
Single Beds Required.
The Greytown Red Cross sub-centre requires a number of single beds for emergency purposes and anyone willing to lend beds is requested to notify Mrs Josy immediately.
Red Cross Society Dance.
The Greytown sub-branch of the Red Cross Society will hold a dance in the Odd Fellows' Hall tonight in aid of the prisoners of war parcels and Red Cross Equipment Fund.
TOWN HALL
TOMORROW'S PROGRAMME.
Maurice Maeterlink's masterpiece in colour, "The Blue Bird," with Shirley Temple in the leading role, and "Star Dust," featuring Linda Darnell and John Payne, will be screened at the Town Hall tomorrow night. Both these pictures are approved for Universal Exhibition.
MAURICEVILLE
CHILDREN'S PARTY
MR & MRS FORSBERG ENTERTAIN
("Times-Age" Special.) Mr and Mrs H. Forsberg, of Mauriceville West, entertained a large number of children at their residence recently. The gathering was a very enjoyable one, and was made particularly so by the arrival of Father Christmas, who distributed gifts among the children. Mr and Mrs Forsberg were warmly congratulated on the excellent arrangements made for the entertainment of the children.
Personal Items.
Mr and Mrs D. Topp, of Wellington, have arrived to reside at Mauriceville East. Mr Topp having accepted the position of manager of the lime works there. Mr J. O. Gilmour intends to take up his residence in Levin.
Soldiers' Parcels Fund.
The goose which was recently presented by Miss R. Mortensen, to raise money for the soldiers parcels fund has been won by Mrs C. M. Childs.
DAY OF PRAYER
SPECIAL SERVICES IN MASTERTON.
A special service in connection with the National Day of Prayer will be held in St. Matthew's Church tomorrow at 9 a.m. A service of intercession will be held in Knox Church at 9 a.m. tomorrow in which the congregations of Lansdowne and Knox Presbyterian churches will unite, the Rev. John Davie and the Rev. D. McIver will conduct the service. It will also give an opportunity for public prayer as invited by the King. A special watch night service and a session of prayer will be held in the Gospel Hall, Queen Street, at 11 o'clock tonight.
CRICKET
POSSIBLES v PROBABLES.
MATCH ON FRIDAY & SATURDAY.
Play in the Wairarapa Cricket Association's Possibles v Probables match, which was postponed from last week, will commence at the Park Oval at 11 a.m. on Friday. The match will be continued on Saturday. Any player not available is requested to communicate with the Secretary, Mr S. Peterson, as soon as possible. Cricketers wishing for a game should also get in touch with Mr Peterson. The following are the teams:—Senior Possibles: W. J. Peterson (captain), K. Montgomery, Reveni, Miller, Jones, D. Stevens, O. Berry, A. A. Bell, Casey, A. L. Paterson, Hayes and L. Bell. Senior Probables: D. McMichael (captain), F. Stevens, A. Hoar, R. Webb, K. Rew, B. Patrick, G. Lambourne, R. Warren, J. Hunt, Berry, Jury, and G. Wilson. Junior Possibles: G. Young (captain), J. Davis, R. Harmon, R. Redding, M. Potter, K. McMillan, F. Parsons, W. Greenlees, J. Price, J. Hardcastle, T. Grant. Probables: R. Osborne (captain), C. Jaspers, J. Coll, C. Smith, W. Spice, P. Wairarapa, M. Thompson, C. Lyttle, C. Summers, R. Williams, J. Forrester. Lock.
FEATHERSTON
SHEARING OPERATIONS
HELD UP BY WET WEATHER.
("Times-Age" Special.) There are still thousands of sheep to be shorn in the district. The continued wet weather is seriously interfering with shearing operations.
Personal Items.
Mrs Tulloch is visiting her son, Mr H. Tulloch, Canvas Town, Blenheim. Lance Bombardier Percy Henderson, Palmerston North, is the guest of Mr and Mrs C. F. Buck. Mrs Buines is visiting Wellington for a few days.
COSY THEATRE
TONIGHT'S PROGRAMME.
Tonight there will be presented one of the most outstanding pictures of the year, "The Devil and Miss Jones," starring Jean Arthur and Robert Cummings. It is a gay and romantic story. (Approved for Universal Exhibition.)
PIRINOA
TENNIS CLUB
COMPETITIONS TO START EARLY IN NEW YEAR.
("Times-Age" Special.) At a meeting of the Tennis Club, Mr S. Thomas was re-elected secretary and treasurer. It was decided to commence the club competitions early in the New Year. A working bee is to improve the courts.
Personal Items.
Mrs and Miss Russell, Nelson, are the guests of Mr and Mrs J. Duggan. Mrs Sullivan, Lyttelton, is staying with her parents, Mr and Mrs Warren. Mr N. Hume, Alfredton, is spending the holidays here. Mr and Mrs Warne, Lower Hutt, are the guests of Mr and Mrs Lovegrove. Mrs Te Maari and her daughter, Mrs Murphy, who have been visiting Wanganui, have returned home. Mr H. McKenzie, Waikatewa, is the guest of Mr and Mrs T. Hobbs. Mr and Mrs Harris and many visitors here over the Christmas holidays.
BOWLING
WAIRARAPA CENTRE
NEW YEAR TOURNAMENT.
ALTERATION IN RINKS.
The following alterations to teams which will take part in the Wairarapa Bowling Centre's tournament tomorrow are announced:—St. Reid, Kerrcaie, Powell and McCracken (s) will replace the team skipped by Hart, of Carterton. The team skipped by Henderson will now read: Pinfold, Bonds, Kilgour, and Henderson. Brown will replace Carr as skip for a Park team.
SERVICE OF PRAYER.
Responding to the call of his Majesty King George that Thursday should be set aside as a day for prayer, Wairarapa bowlers will hold a special service of prayer on the Masterton Club's greens at 8.45 a.m. tomorrow. The Right Rev. John Davie will conduct the service. Every bowler is asked to make a special effort to be present.
PICTURE THEATRES.
Entertainment Guide.
CARTERTON.
REGENT.—Tonight: "Chad Hanna," with Henry Fonda, Linda Darnell and Dorothy Lamour. (Approved for Universal Exhibition.)
GREYTOWN.
TOWN HALL.—Tomorrow: "The Blue Bird," with Shirley Temple and Gale Sondergaard. Also "Star Dust," with Linda Darnell, John Payne and Roland Young. (Both approved for Universal Exhibition.)
FEATHERSTON.
COSY.—Tonight: "The Devil and Miss Jones," starring Jean Arthur, Robert Cummings and Charles Coburn. (Approved for Universal Exhibition.)
ANKER'S APPLES at Anker's Apple van, next W. G. Perry's, Queen Street, on Wednesday and Friday afternoon and evening, or direct from R. H. Anker, Greytown.
BULLICK-BLACKMORE SPECIALS. SUMMER SAVINGS.
MEN'S Silk Dressing Gowns, fancy designs and spots, 35/-.
MEN'S Twin Set Pyjamas and Dressing Gowns to match, in Paisley designs, 59/6 set.
PANAMA Light-weight Hats, a summer-time necessity, 9/6 and 14/6.
SWIM SHORTS, all wool, 14/6 to 17/6. Jantzens, from 29/6 to 37/6.
